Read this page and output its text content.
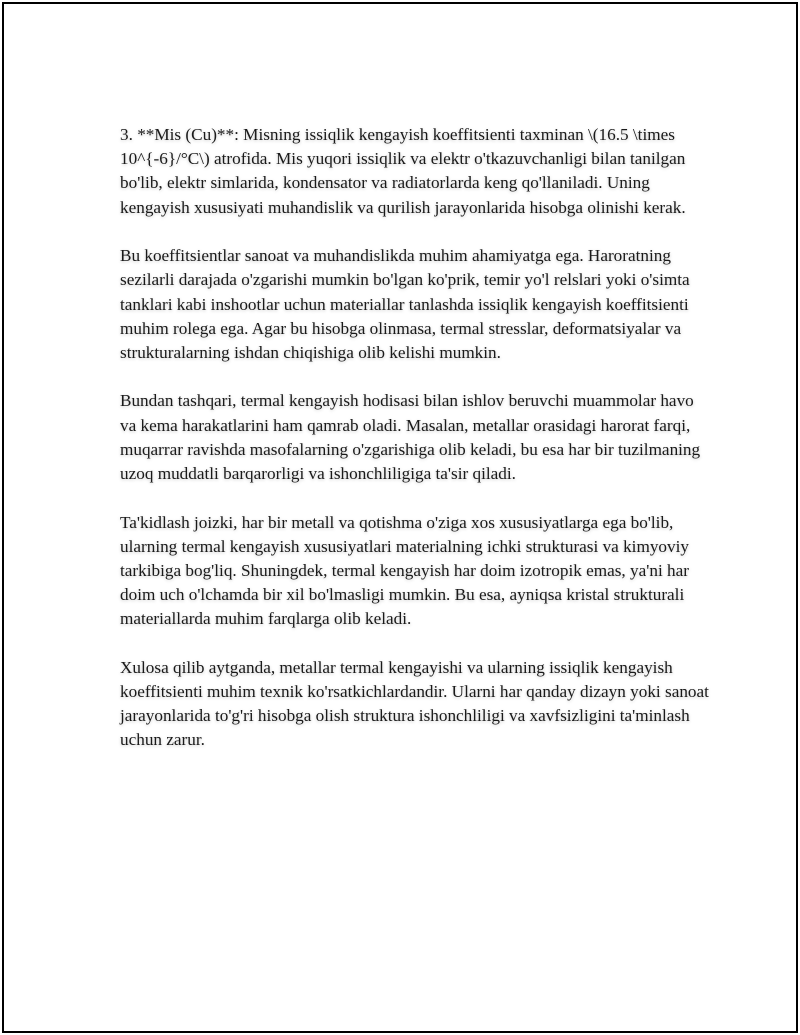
3. **Mis (Cu)**: Misning issiqlik kengayish koeffitsienti taxminan \(16.5 \times 10^{-6}/°C\) atrofida. Mis yuqori issiqlik va elektr o'tkazuvchanligi bilan tanilgan bo'lib, elektr simlarida, kondensator va radiatorlarda keng qo'llaniladi. Uning kengayish xususiyati muhandislik va qurilish jarayonlarida hisobga olinishi kerak.

Bu koeffitsientlar sanoat va muhandislikda muhim ahamiyatga ega. Haroratning sezilarli darajada o'zgarishi mumkin bo'lgan ko'prik, temir yo'l relslari yoki o'simta tanklari kabi inshootlar uchun materiallar tanlashda issiqlik kengayish koeffitsienti muhim rolega ega. Agar bu hisobga olinmasa, termal stresslar, deformatsiyalar va strukturalarning ishdan chiqishiga olib kelishi mumkin.

Bundan tashqari, termal kengayish hodisasi bilan ishlov beruvchi muammolar havo va kema harakatlarini ham qamrab oladi. Masalan, metallar orasidagi harorat farqi, muqarrar ravishda masofalarning o'zgarishiga olib keladi, bu esa har bir tuzilmaning uzoq muddatli barqarorligi va ishonchliligiga ta'sir qiladi.

Ta'kidlash joizki, har bir metall va qotishma o'ziga xos xususiyatlarga ega bo'lib, ularning termal kengayish xususiyatlari materialning ichki strukturasi va kimyoviy tarkibiga bog'liq. Shuningdek, termal kengayish har doim izotropik emas, ya'ni har doim uch o'lchamda bir xil bo'lmasligi mumkin. Bu esa, ayniqsa kristal strukturali materiallarda muhim farqlarga olib keladi.

Xulosa qilib aytganda, metallar termal kengayishi va ularning issiqlik kengayish koeffitsienti muhim texnik ko'rsatkichlardandir. Ularni har qanday dizayn yoki sanoat jarayonlarida to'g'ri hisobga olish struktura ishonchliligi va xavfsizligini ta'minlash uchun zarur.
